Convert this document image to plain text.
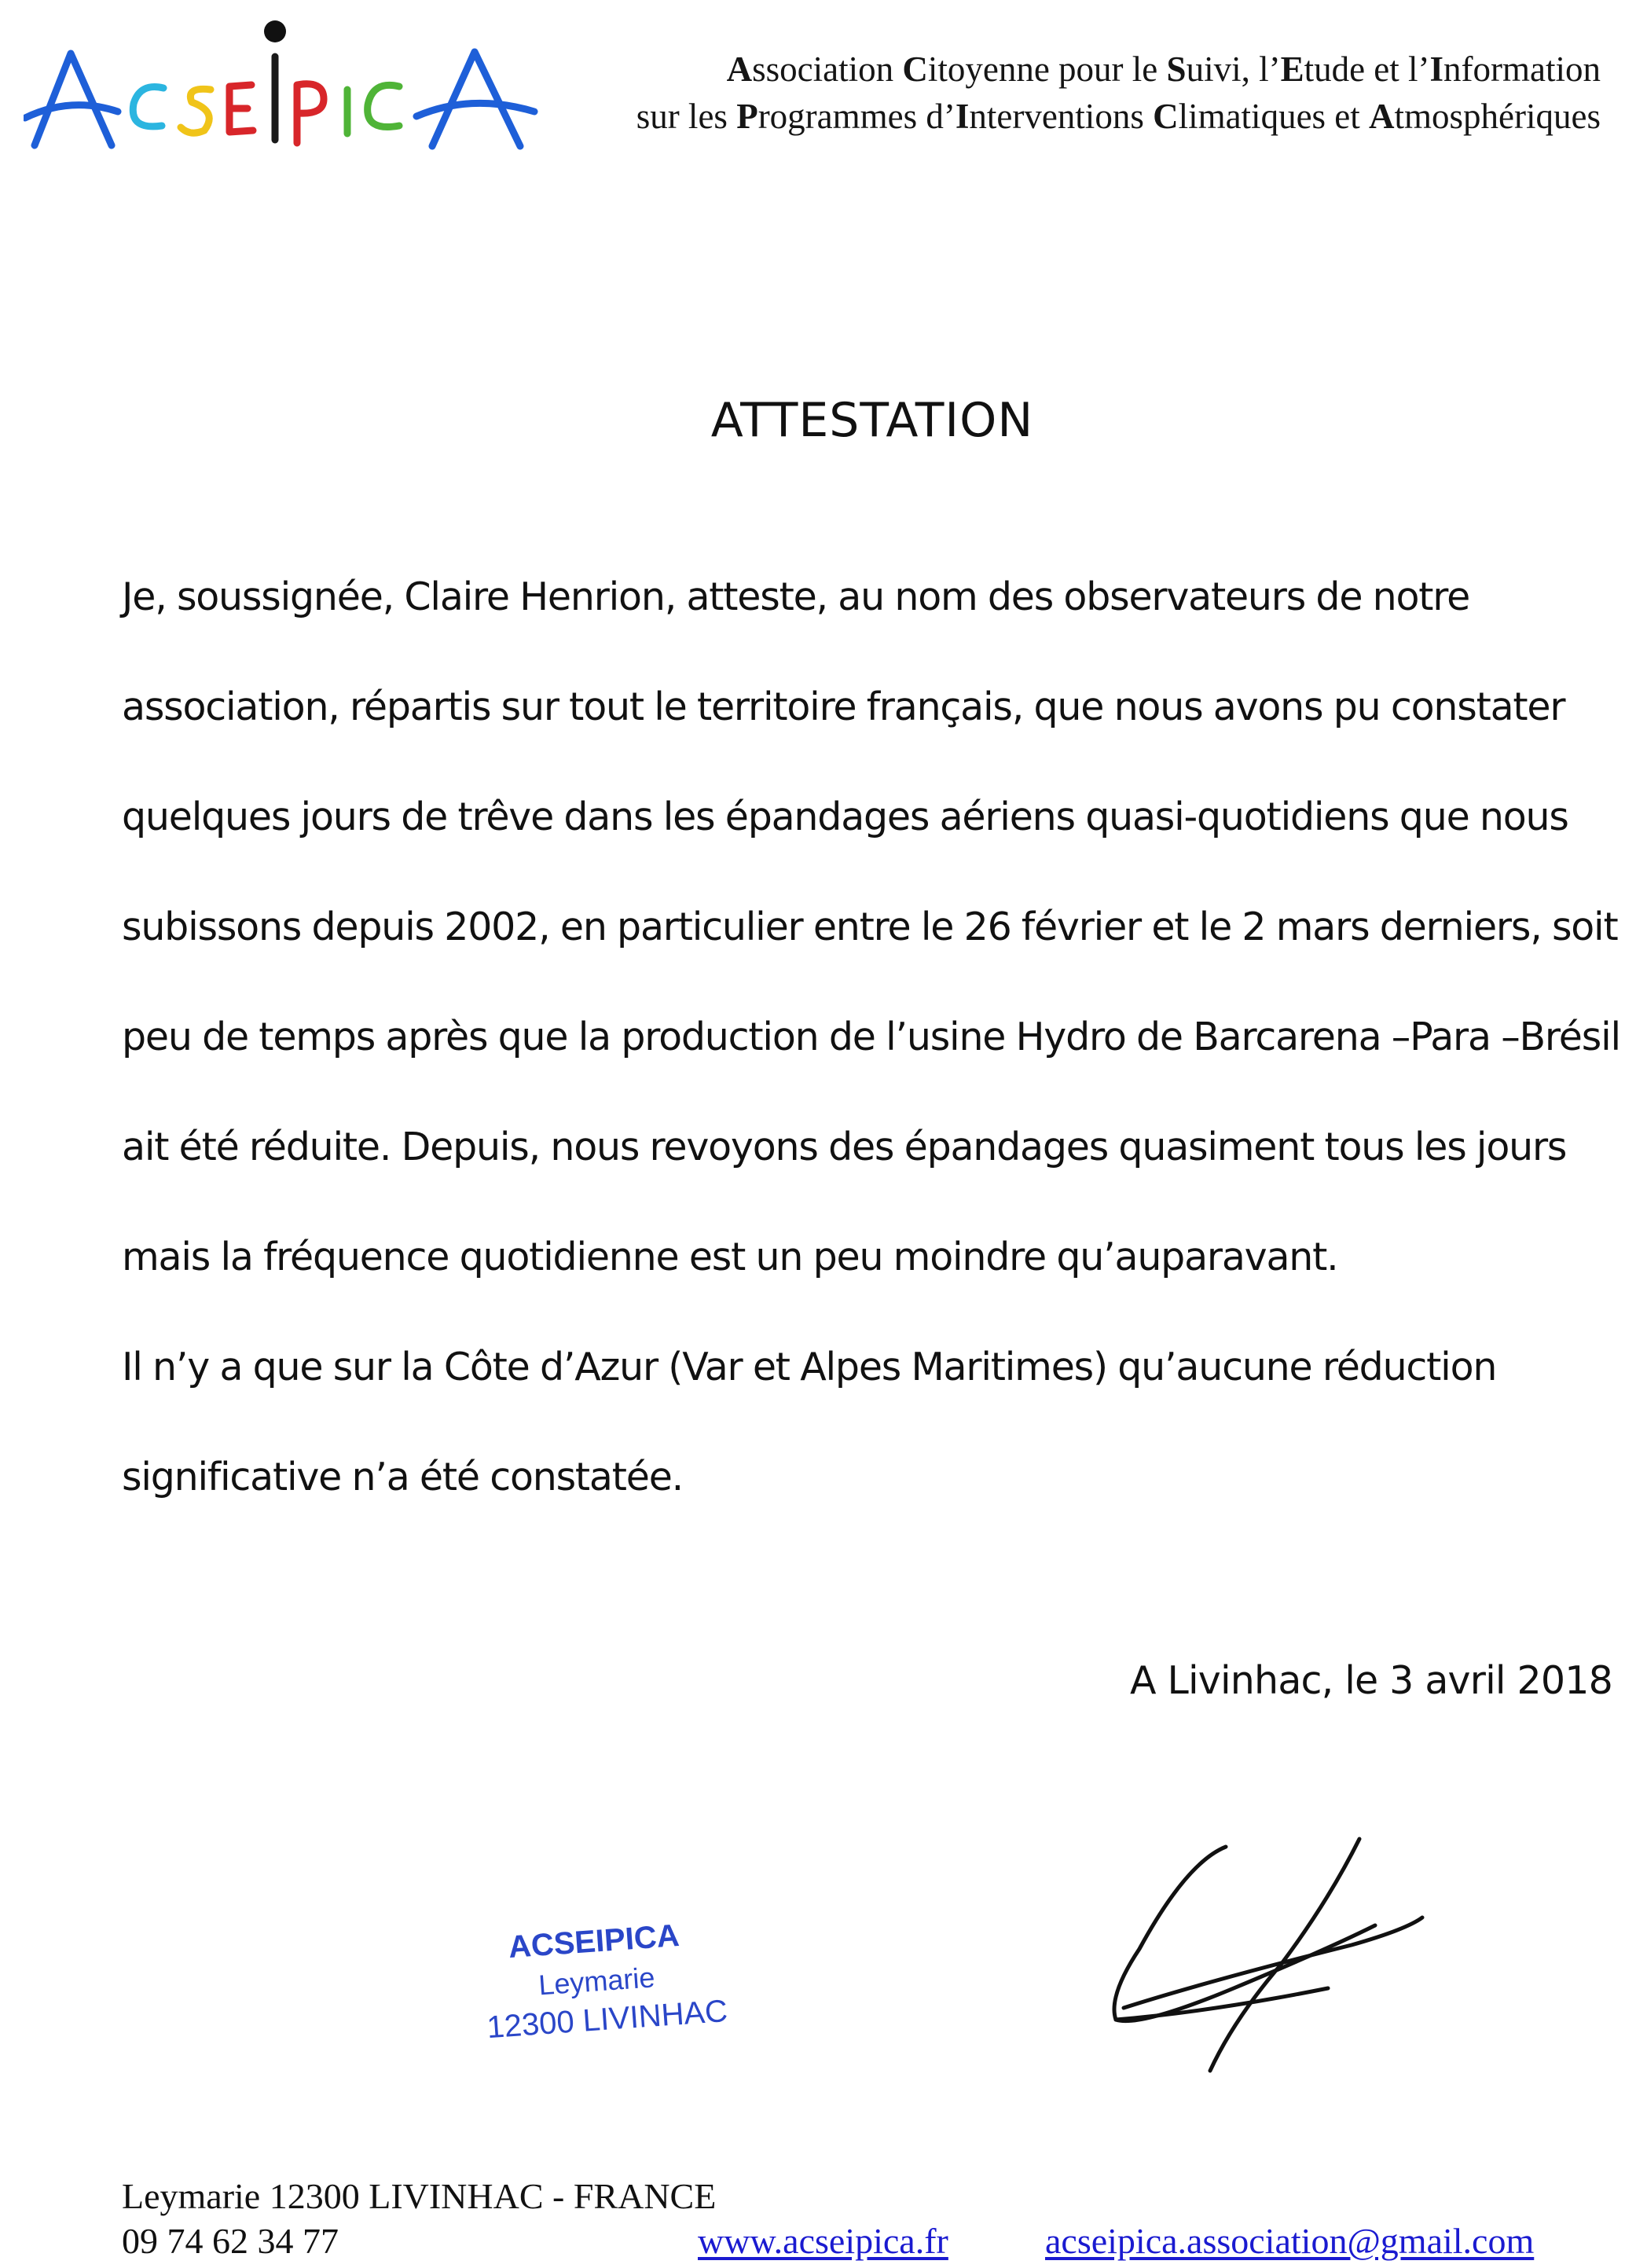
Association Citoyenne pour le Suivi, l’Etude et l’Information
sur les Programmes d’Interventions Climatiques et Atmosphériques
ATTESTATION
Je, soussignée, Claire Henrion, atteste, au nom des observateurs de notre
association, répartis sur tout le territoire français, que nous avons pu constater
quelques jours de trêve dans les épandages aériens quasi-quotidiens que nous
subissons depuis 2002, en particulier entre le 26 février et le 2 mars derniers, soit
peu de temps après que la production de l’usine Hydro de Barcarena –Para –Brésil
ait été réduite. Depuis, nous revoyons des épandages quasiment tous les jours
mais la fréquence quotidienne est un peu moindre qu’auparavant.
Il n’y a que sur la Côte d’Azur (Var et Alpes Maritimes) qu’aucune réduction
significative n’a été constatée.
A Livinhac, le 3 avril 2018
ACSEIPICA
Leymarie
12300 LIVINHAC
Leymarie 12300 LIVINHAC - FRANCE
09 74 62 34 77	www.acseipica.fr	acseipica.association@gmail.com
